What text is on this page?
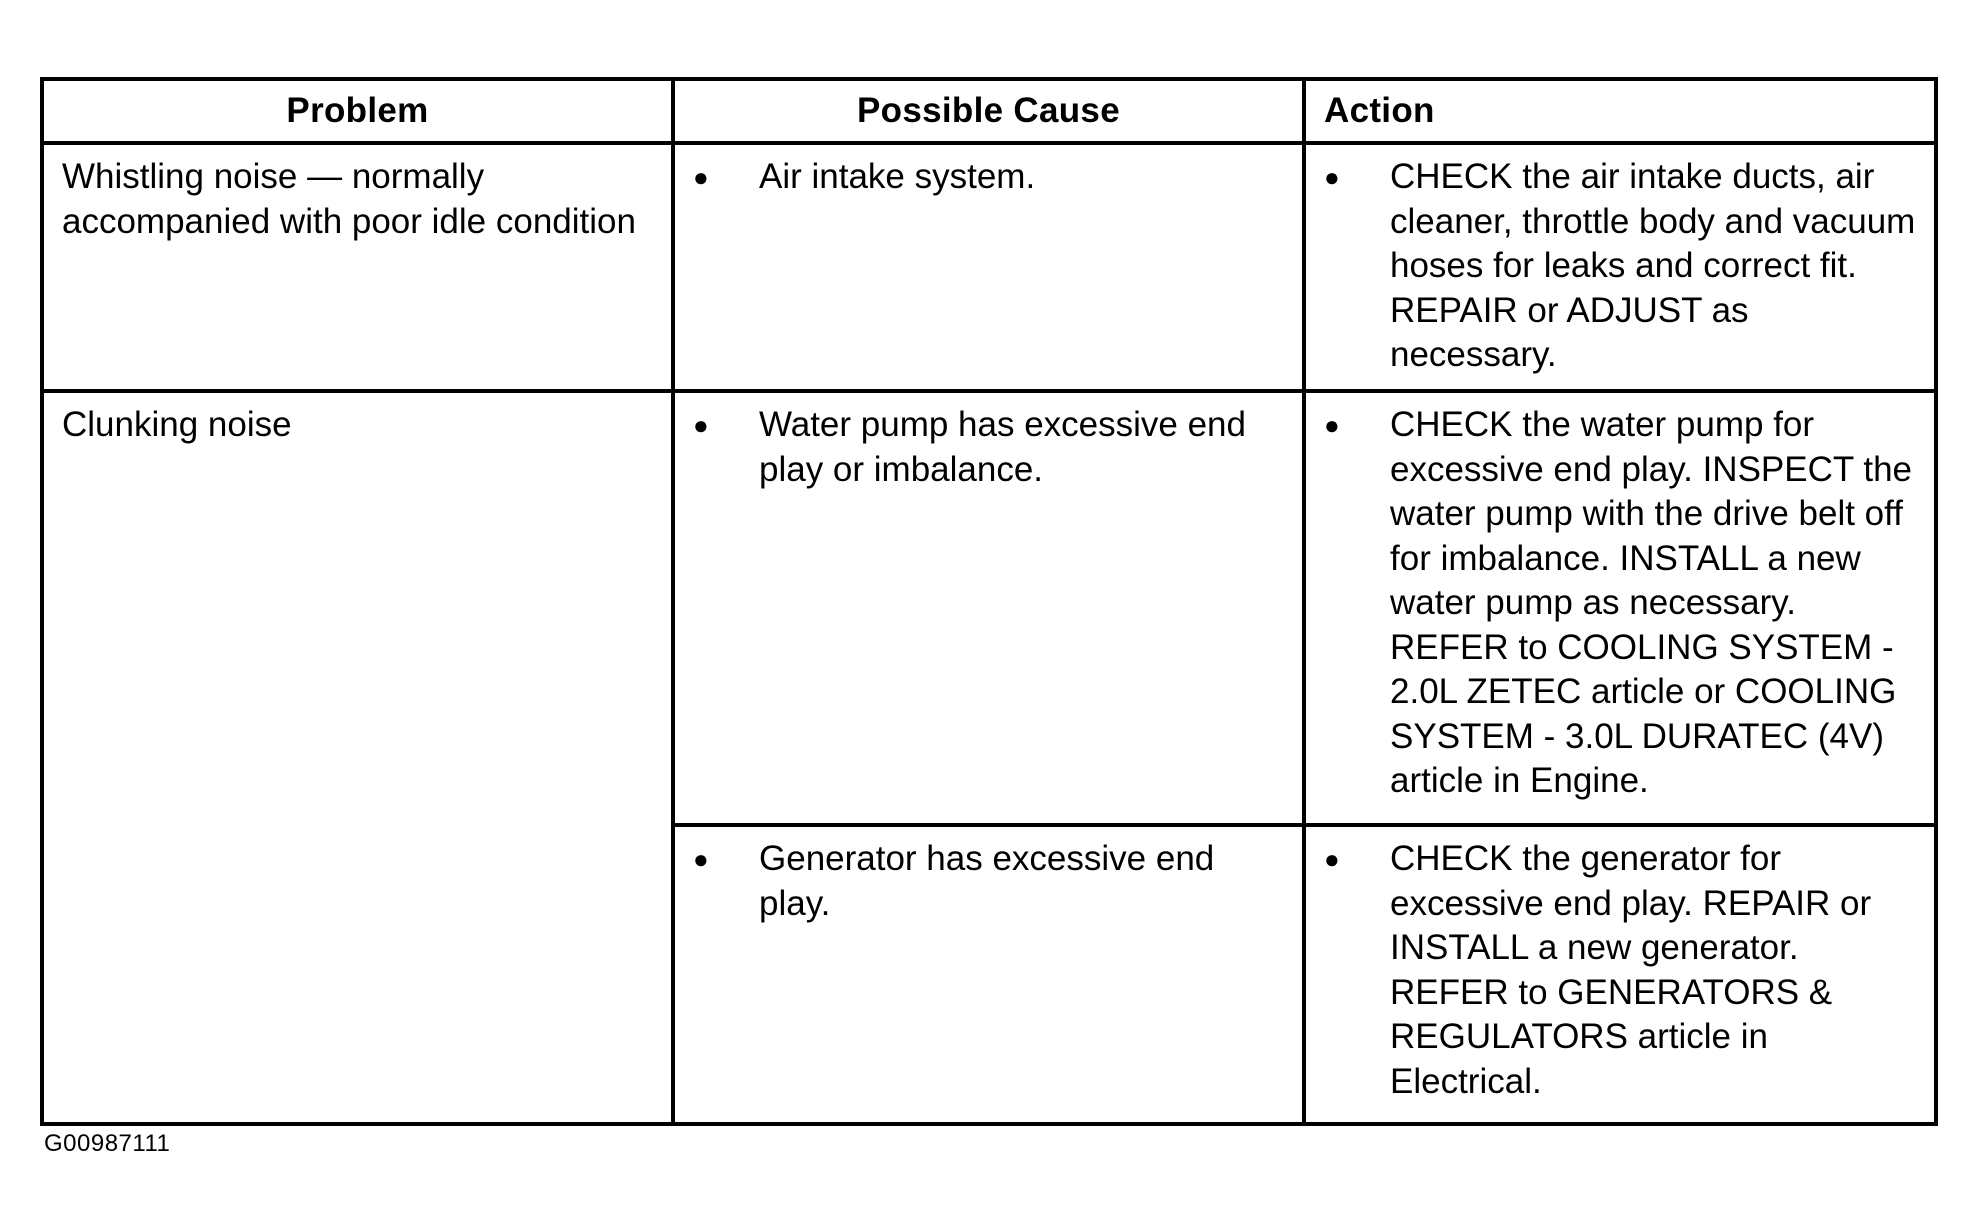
Problem	Possible Cause	Action
Whistling noise — normally accompanied with poor idle condition	● Air intake system.	● CHECK the air intake ducts, air cleaner, throttle body and vacuum hoses for leaks and correct fit. REPAIR or ADJUST as necessary.

Clunking noise	● Water pump has excessive end play or imbalance.	● CHECK the water pump for excessive end play. INSPECT the water pump with the drive belt off for imbalance. INSTALL a new water pump as necessary. REFER to COOLING SYSTEM - 2.0L ZETEC article or COOLING SYSTEM - 3.0L DURATEC (4V) article in Engine.

	● Generator has excessive end play.	● CHECK the generator for excessive end play. REPAIR or INSTALL a new generator. REFER to GENERATORS & REGULATORS article in Electrical.
G00987111
